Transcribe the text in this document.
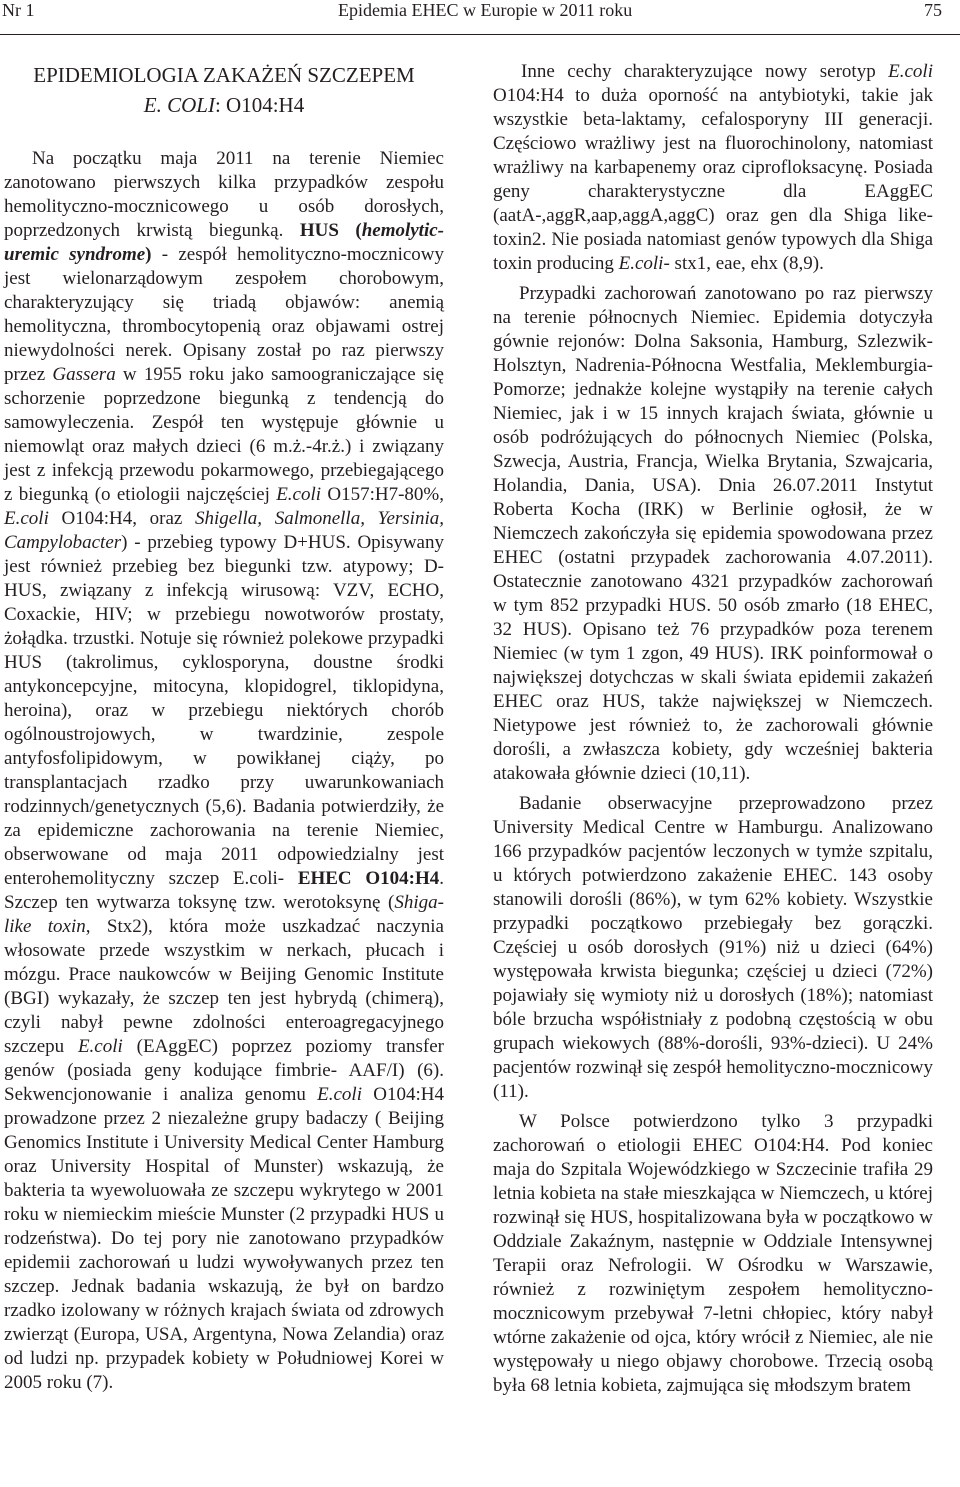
Nr 1	Epidemia EHEC w Europie w 2011 roku	75
EPIDEMIOLOGIA ZAKAŻEŃ SZCZEPEM
E. COLI: O104:H4

Na początku maja 2011 na terenie Niemiec zanotowano pierwszych kilka przypadków zespołu hemolityczno-mocznicowego u osób dorosłych, poprzedzonych krwistą biegunką. HUS (hemolytic-uremic syndrome) - zespół hemolityczno-mocznicowy jest wielonarządowym zespołem chorobowym, charakteryzujący się triadą objawów: anemią hemolityczna, thrombocytopenią oraz objawami ostrej niewydolności nerek. Opisany został po raz pierwszy przez Gassera w 1955 roku jako samoograniczające się schorzenie poprzedzone biegunką z tendencją do samowyleczenia. Zespół ten występuje głównie u niemowląt oraz małych dzieci (6 m.ż.-4r.ż.) i związany jest z infekcją przewodu pokarmowego, przebiegającego z biegunką (o etiologii najczęściej E.coli O157:H7-80%, E.coli O104:H4, oraz Shigella, Salmonella, Yersinia, Campylobacter) - przebieg typowy D+HUS. Opisywany jest również przebieg bez biegunki tzw. atypowy; D-HUS, związany z infekcją wirusową: VZV, ECHO, Coxackie, HIV; w przebiegu nowotworów prostaty, żołądka. trzustki. Notuje się również polekowe przypadki HUS (takrolimus, cyklosporyna, doustne środki antykoncepcyjne, mitocyna, klopidogrel, tiklopidyna, heroina), oraz w przebiegu niektórych chorób ogólnoustrojowych, w twardzinie, zespole antyfosfolipidowym, w powikłanej ciąży, po transplantacjach rzadko przy uwarunkowaniach rodzinnych/genetycznych (5,6). Badania potwierdziły, że za epidemiczne zachorowania na terenie Niemiec, obserwowane od maja 2011 odpowiedzialny jest enterohemolityczny szczep E.coli- EHEC O104:H4. Szczep ten wytwarza toksynę tzw. werotoksynę (Shiga-like toxin, Stx2), która może uszkadzać naczynia włosowate przede wszystkim w nerkach, płucach i mózgu. Prace naukowców w Beijing Genomic Institute (BGI) wykazały, że szczep ten jest hybrydą (chimerą), czyli nabył pewne zdolności enteroagregacyjnego szczepu E.coli (EAggEC) poprzez poziomy transfer genów (posiada geny kodujące fimbrie- AAF/I) (6). Sekwencjonowanie i analiza genomu E.coli O104:H4 prowadzone przez 2 niezależne grupy badaczy ( Beijing Genomics Institute i University Medical Center Hamburg oraz University Hospital of Munster) wskazują, że bakteria ta wyewoluowała ze szczepu wykrytego w 2001 roku w niemieckim mieście Munster (2 przypadki HUS u rodzeństwa). Do tej pory nie zanotowano przypadków epidemii zachorowań u ludzi wywoływanych przez ten szczep. Jednak badania wskazują, że był on bardzo rzadko izolowany w różnych krajach świata od zdrowych zwierząt (Europa, USA, Argentyna, Nowa Zelandia) oraz od ludzi np. przypadek kobiety w Południowej Korei w 2005 roku (7).

Inne cechy charakteryzujące nowy serotyp E.coli O104:H4 to duża oporność na antybiotyki, takie jak wszystkie beta-laktamy, cefalosporyny III generacji. Częściowo wrażliwy jest na fluorochinolony, natomiast wrażliwy na karbapenemy oraz ciprofloksacynę. Posiada geny charakterystyczne dla EAggEC (aatA-,aggR,aap,aggA,aggC) oraz gen dla Shiga like-toxin2. Nie posiada natomiast genów typowych dla Shiga toxin producing E.coli- stx1, eae, ehx (8,9).

Przypadki zachorowań zanotowano po raz pierwszy na terenie północnych Niemiec. Epidemia dotyczyła gównie rejonów: Dolna Saksonia, Hamburg, Szlezwik-Holsztyn, Nadrenia-Północna Westfalia, Meklemburgia-Pomorze; jednakże kolejne wystąpiły na terenie całych Niemiec, jak i w 15 innych krajach świata, głównie u osób podróżujących do północnych Niemiec (Polska, Szwecja, Austria, Francja, Wielka Brytania, Szwajcaria, Holandia, Dania, USA). Dnia 26.07.2011 Instytut Roberta Kocha (IRK) w Berlinie ogłosił, że w Niemczech zakończyła się epidemia spowodowana przez EHEC (ostatni przypadek zachorowania 4.07.2011). Ostatecznie zanotowano 4321 przypadków zachorowań w tym 852 przypadki HUS. 50 osób zmarło (18 EHEC, 32 HUS). Opisano też 76 przypadków poza terenem Niemiec (w tym 1 zgon, 49 HUS). IRK poinformował o największej dotychczas w skali świata epidemii zakażeń EHEC oraz HUS, także największej w Niemczech. Nietypowe jest również to, że zachorowali głównie dorośli, a zwłaszcza kobiety, gdy wcześniej bakteria atakowała głównie dzieci (10,11).

Badanie obserwacyjne przeprowadzono przez University Medical Centre w Hamburgu. Analizowano 166 przypadków pacjentów leczonych w tymże szpitalu, u których potwierdzono zakażenie EHEC. 143 osoby stanowili dorośli (86%), w tym 62% kobiety. Wszystkie przypadki początkowo przebiegały bez gorączki. Częściej u osób dorosłych (91%) niż u dzieci (64%) występowała krwista biegunka; częściej u dzieci (72%) pojawiały się wymioty niż u dorosłych (18%); natomiast bóle brzucha współistniały z podobną częstością w obu grupach wiekowych (88%-dorośli, 93%-dzieci). U 24% pacjentów rozwinął się zespół hemolityczno-mocznicowy (11).

W Polsce potwierdzono tylko 3 przypadki zachorowań o etiologii EHEC O104:H4. Pod koniec maja do Szpitala Wojewódzkiego w Szczecinie trafiła 29 letnia kobieta na stałe mieszkająca w Niemczech, u której rozwinął się HUS, hospitalizowana była w początkowo w Oddziale Zakaźnym, następnie w Oddziale Intensywnej Terapii oraz Nefrologii. W Ośrodku w Warszawie, również z rozwiniętym zespołem hemolityczno-mocznicowym przebywał 7-letni chłopiec, który nabył wtórne zakażenie od ojca, który wrócił z Niemiec, ale nie występowały u niego objawy chorobowe. Trzecią osobą była 68 letnia kobieta, zajmująca się młodszym bratem
